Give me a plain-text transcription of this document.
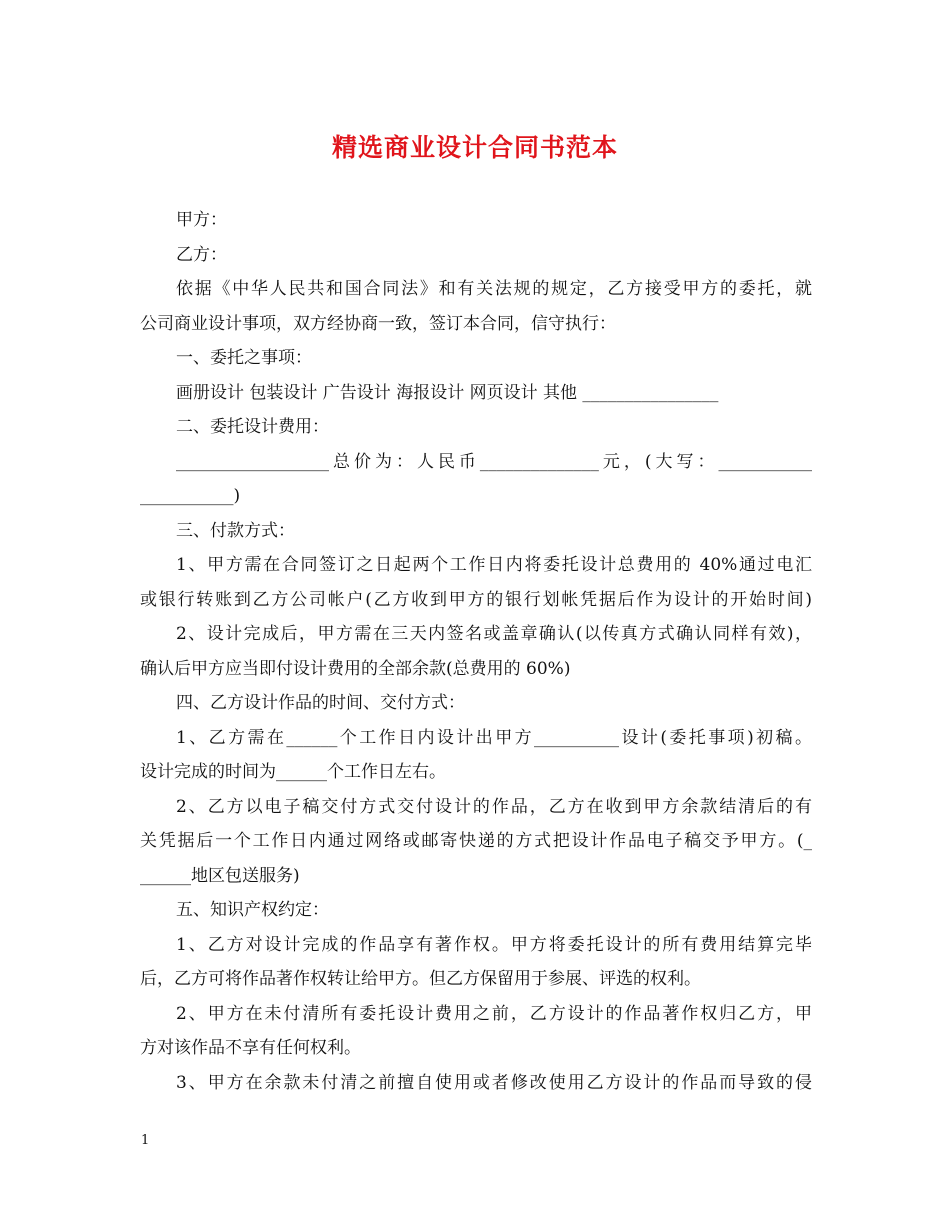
精选商业设计合同书范本
甲方：
乙方：
依据《中华人民共和国合同法》和有关法规的规定，乙方接受甲方的委托，就
公司商业设计事项，双方经协商一致，签订本合同，信守执行：
一、委托之事项：
画册设计 包装设计 广告设计 海报设计 网页设计 其他 ________________
二、委托设计费用：
__________________总价为：人民币______________元，(大写：___________
___________)
三、付款方式：
1、甲方需在合同签订之日起两个工作日内将委托设计总费用的 40%通过电汇
或银行转账到乙方公司帐户(乙方收到甲方的银行划帐凭据后作为设计的开始时间)
2、设计完成后，甲方需在三天内签名或盖章确认(以传真方式确认同样有效)，
确认后甲方应当即付设计费用的全部余款(总费用的 60%)
四、乙方设计作品的时间、交付方式：
1、乙方需在______个工作日内设计出甲方__________设计(委托事项)初稿。
设计完成的时间为______个工作日左右。
2、乙方以电子稿交付方式交付设计的作品，乙方在收到甲方余款结清后的有
关凭据后一个工作日内通过网络或邮寄快递的方式把设计作品电子稿交予甲方。(_
______地区包送服务)
五、知识产权约定：
1、乙方对设计完成的作品享有著作权。甲方将委托设计的所有费用结算完毕
后，乙方可将作品著作权转让给甲方。但乙方保留用于参展、评选的权利。
2、甲方在未付清所有委托设计费用之前，乙方设计的作品著作权归乙方，甲
方对该作品不享有任何权利。
3、甲方在余款未付清之前擅自使用或者修改使用乙方设计的作品而导致的侵
1
